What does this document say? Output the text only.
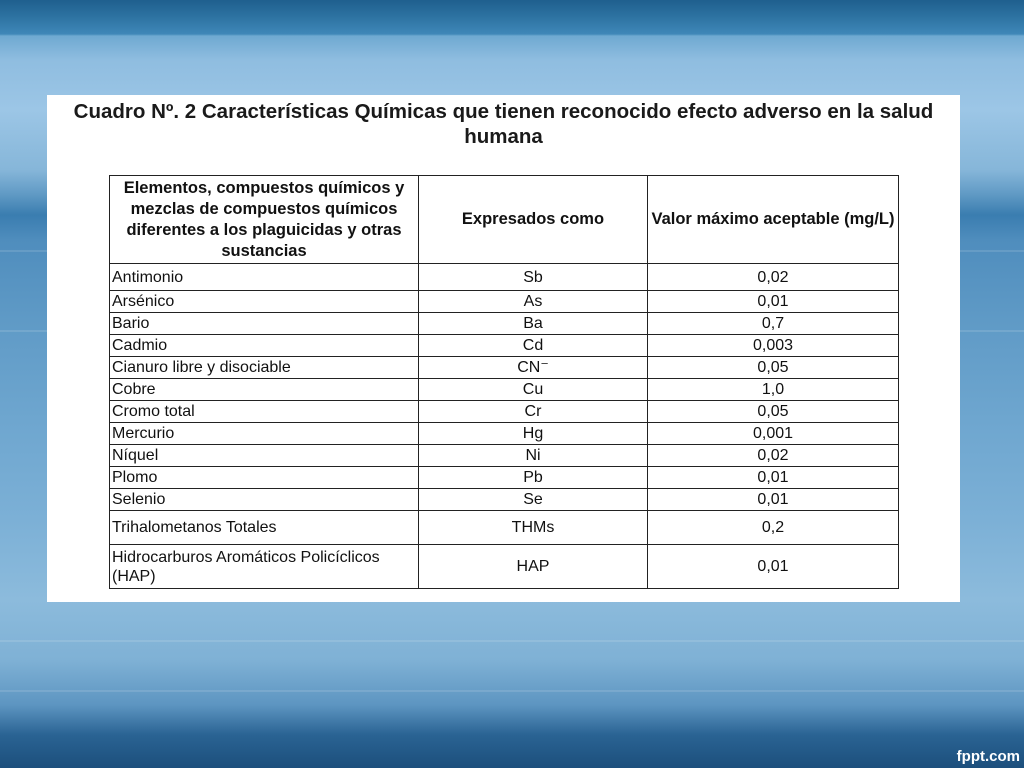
Cuadro Nº. 2 Características Químicas que tienen reconocido efecto adverso en la salud humana
Elementos, compuestos químicos y mezclas de compuestos químicos diferentes a los plaguicidas y otras sustancias	Expresados como	Valor máximo aceptable (mg/L)
Antimonio	Sb	0,02
Arsénico	As	0,01
Bario	Ba	0,7
Cadmio	Cd	0,003
Cianuro libre y disociable	CN⁻	0,05
Cobre	Cu	1,0
Cromo total	Cr	0,05
Mercurio	Hg	0,001
Níquel	Ni	0,02
Plomo	Pb	0,01
Selenio	Se	0,01
Trihalometanos Totales	THMs	0,2
Hidrocarburos Aromáticos Policíclicos (HAP)	HAP	0,01
fppt.com
